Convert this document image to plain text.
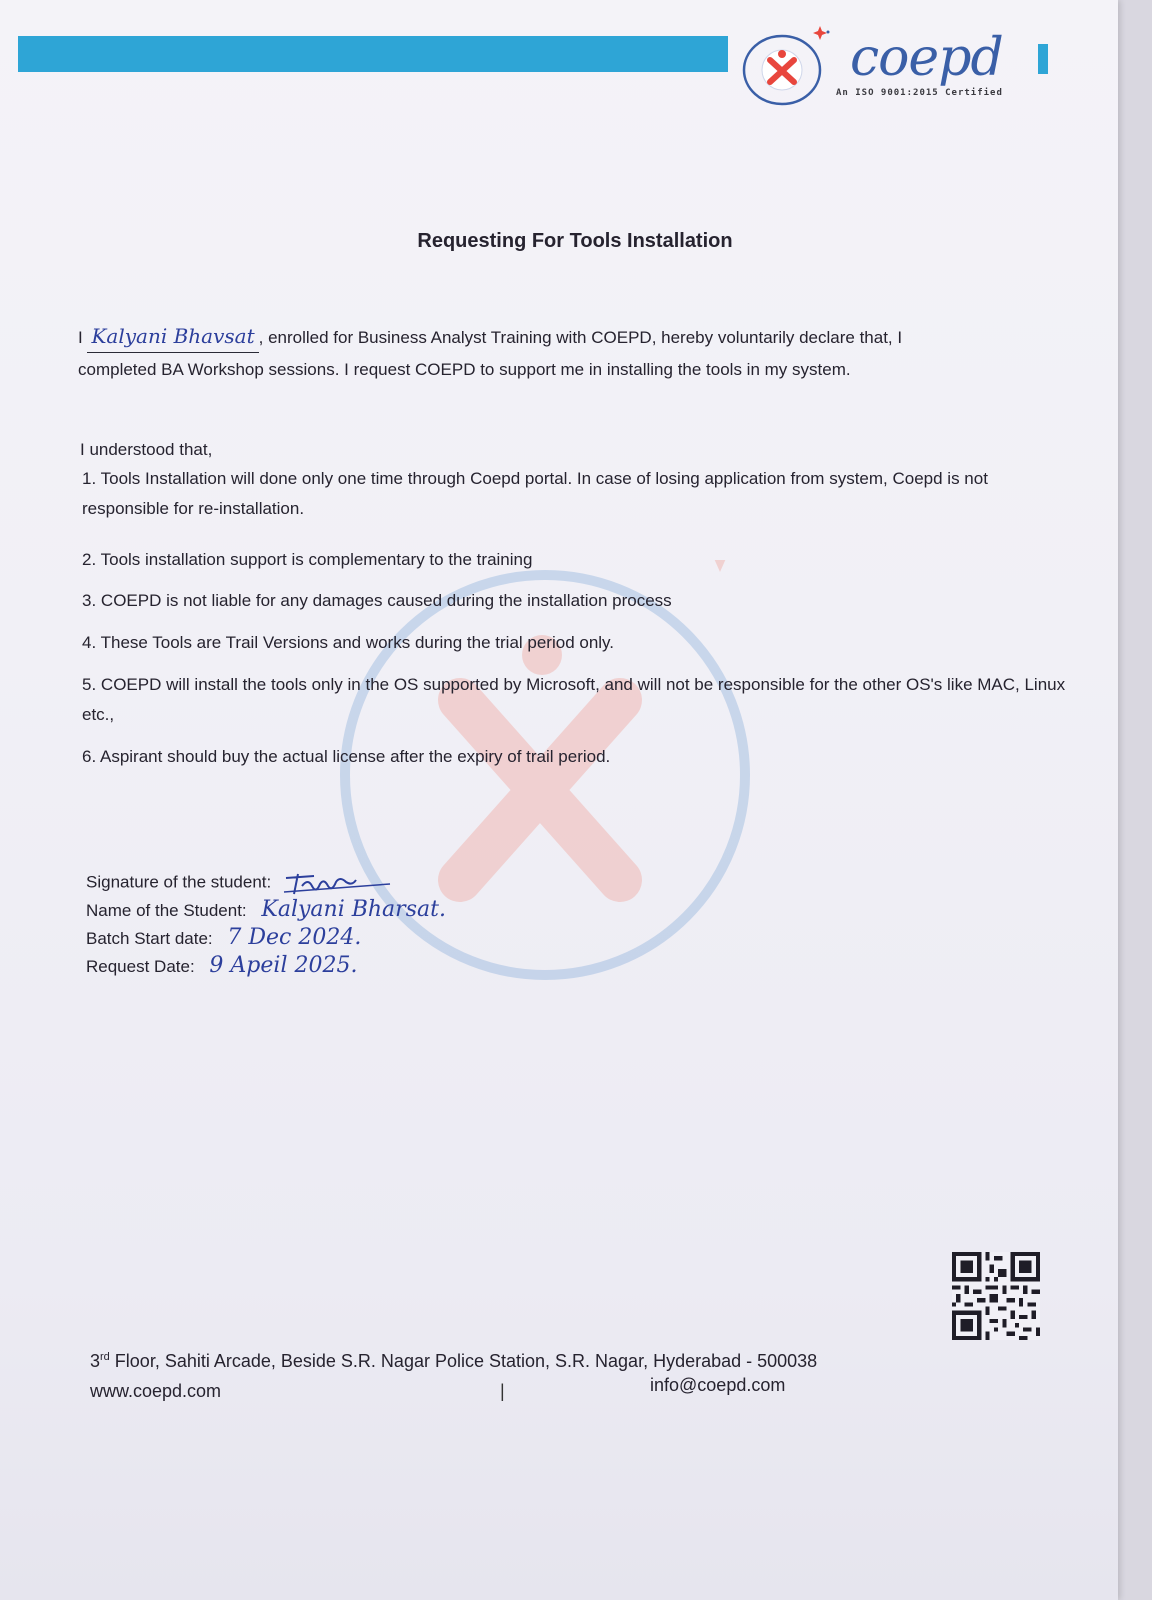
coepd
An ISO 9001:2015 Certified
Requesting For Tools Installation
I Kalyani Bhavsat , enrolled for Business Analyst Training with COEPD, hereby voluntarily declare that, I
completed BA Workshop sessions. I request COEPD to support me in installing the tools in my system.
I understood that,
1. Tools Installation will done only one time through Coepd portal. In case of losing application from system, Coepd is not responsible for re-installation.
2. Tools installation support is complementary to the training
3. COEPD is not liable for any damages caused during the installation process
4. These Tools are Trail Versions and works during the trial period only.
5. COEPD will install the tools only in the OS supported by Microsoft, and will not be responsible for the other OS's like MAC, Linux etc.,
6. Aspirant should buy the actual license after the expiry of trail period.
Signature of the student:
Name of the Student: Kalyani Bharsat.
Batch Start date: 7 Dec 2024.
Request Date: 9 Apeil 2025.
3rd Floor, Sahiti Arcade, Beside S.R. Nagar Police Station, S.R. Nagar, Hyderabad - 500038
www.coepd.com	|	info@coepd.com
